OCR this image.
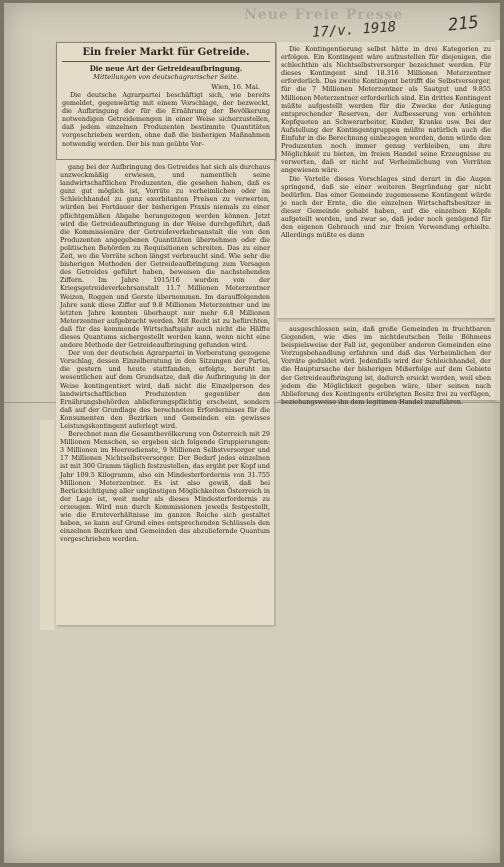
Neue Freie Presse
17/v. 1918	215
Ein freier Markt für Getreide.
Die neue Art der Getreideaufbringung.
Mitteilungen von deutschagrarischer Seite.
Wien, 16. Mai.

Die deutsche Agrarpartei beschäftigt sich, wie bereits gemeldet, gegenwärtig mit einem Vorschlage, der bezweckt, die Aufbringung der für die Ernährung der Bevölkerung notwendigen Getreidemengen in einer Weise sicherzustellen, daß jedem einzelnen Produzenten bestimmte Quantitäten vorgeschrieben werden, ohne daß die bisherigen Maßnahmen notwendig werden. Der bis nun geübte Vor-

gang bei der Aufbringung des Getreides hat sich als durchaus unzweckmäßig erwiesen, und namentlich seine landwirtschaftlichen Produzenten, die gesehen haben, daß es ganz gut möglich ist, Vorräte zu verheimlichen oder im Schleichhandel zu ganz exorbitanten Preisen zu verwerten, würden bei Fortdauer der bisherigen Praxis niemals zu einer pflichtgemäßen Abgabe herangezogen werden können. Jetzt wird die Getreideaufbringung in der Weise durchgeführt, daß die Kommissionäre der Getreideverkehrsanstalt die von den Produzenten angegebenen Quantitäten übernehmen oder die politischen Behörden zu Requisitionen schreiten. Das zu einer Zeit, wo die Vorräte schon längst verbraucht sind. Wie sehr die bisherigen Methoden der Getreideaufbringung zum Versagen des Getreides geführt haben, beweisen die nachstehenden Ziffern. Im Jahre 1915/16 wurden von der Kriegsgetreideverkehrsanstalt 11.7 Millionen Meterzentner Weizen, Roggen und Gerste übernommen. Im darauffolgenden Jahre sank diese Ziffer auf 9.8 Millionen Meterzentner und im letzten Jahre konnten überhaupt nur mehr 6.8 Millionen Meterzentner aufgebracht werden. Mit Recht ist zu befürchten, daß für das kommende Wirtschaftsjahr auch nicht die Hälfte dieses Quantums sichergestellt werden kann, wenn nicht eine andere Methode der Getreideaufbringung gefunden wird.

Der von der deutschen Agrarpartei in Vorberatung gezogene Vorschlag, dessen Einzelberatung in den Sitzungen der Partei, die gestern und heute stattfanden, erfolgte, beruht im wesentlichen auf dem Grundsatze, daß die Aufbringung in der Weise kontingentiert wird, daß nicht die Einzelperson des landwirtschaftlichen Produzenten gegenüber den Ernährungsbehörden ablieferungspflichtig erscheint, sondern daß auf der Grundlage des berechneten Erfordernisses für die Konsumenten den Bezirken und Gemeinden ein gewisses Leistungskontingent auferlegt wird.

Berechnet man die Gesamtbevölkerung von Österreich mit 29 Millionen Menschen, so ergeben sich folgende Gruppierungen: 3 Millionen im Heeresdienste, 9 Millionen Selbstversorger und 17 Millionen Nichtselbstversorger. Der Bedarf jedes einzelnen ist mit 300 Gramm täglich festzustellen, das ergibt per Kopf und Jahr 109.5 Kilogramm, also ein Mindesterfordernis von 31.755 Millionen Meterzentner. Es ist also gewiß, daß bei Berücksichtigung aller ungünstigen Möglichkeiten Österreich in der Lage ist, weit mehr als dieses Mindesterfordernis zu erzeugen. Wird nun durch Kommissionen jeweils festgestellt, wie die Ernteverhältnisse im ganzen Reiche sich gestaltet haben, so kann auf Grund eines entsprechenden Schlüssels den einzelnen Bezirken und Gemeinden das abzuliefernde Quantum vorgeschrieben werden.

Die Kontingentierung selbst hätte in drei Kategorien zu erfolgen. Ein Kontingent wäre aufzustellen für diejenigen, die schlechthin als Nichtselbstversorger bezeichnet werden. Für dieses Kontingent sind 18.316 Millionen Meterzentner erforderlich. Das zweite Kontingent betrifft die Selbstversorger, für die 7 Millionen Meterzentner als Saatgut und 9.855 Millionen Meterzentner erforderlich sind. Ein drittes Kontingent müßte aufgestellt werden für die Zwecke der Anlegung entsprechender Reserven, der Aufbesserung von erhöhten Kopfquoten an Schwerarbeiter, Kinder, Kranke usw. Bei der Aufstellung der Kontingentgruppen müßte natürlich auch die Einfuhr in die Berechnung einbezogen werden, denn würde den Produzenten noch immer genug verbleiben, um ihre Möglichkeit zu bieten, im freien Handel seine Erzeugnisse zu verwerten, daß er nicht auf Verheimlichung von Vorräten angewiesen wäre.

Die Vorteile dieses Vorschlages sind derart in die Augen springend, daß sie einer weiteren Begründung gar nicht bedürfen. Das einer Gemeinde zugemessene Kontingent würde je nach der Ernte, die die einzelnen Wirtschaftsbesitzer in dieser Gemeinde gehabt haben, auf die einzelnen Köpfe aufgeteilt werden, und zwar so, daß jeder noch genügend für den eigenen Gebrauch und zur freien Verwendung erhielte. Allerdings müßte es dann

ausgeschlossen sein, daß große Gemeinden in fruchtbaren Gegenden, wie dies im nichtdeutschen Teile Böhmens beispielsweise der Fall ist, gegenüber anderen Gemeinden eine Vorzugsbehandlung erfahren und daß das Verheimlichen der Vorräte geduldet wird. Jedenfalls wird der Schleichhandel, der die Hauptursache der bisherigen Mißerfolge auf dem Gebiete der Getreideaufbringung ist, dadurch ersickt werden, weil eben jedem die Möglichkeit gegeben wäre, über seinen nach Ablieferung des Kontingents erübrigten Besitz frei zu verfügen, beziehungsweise ihn dem legitimen Handel zuzuführen.
